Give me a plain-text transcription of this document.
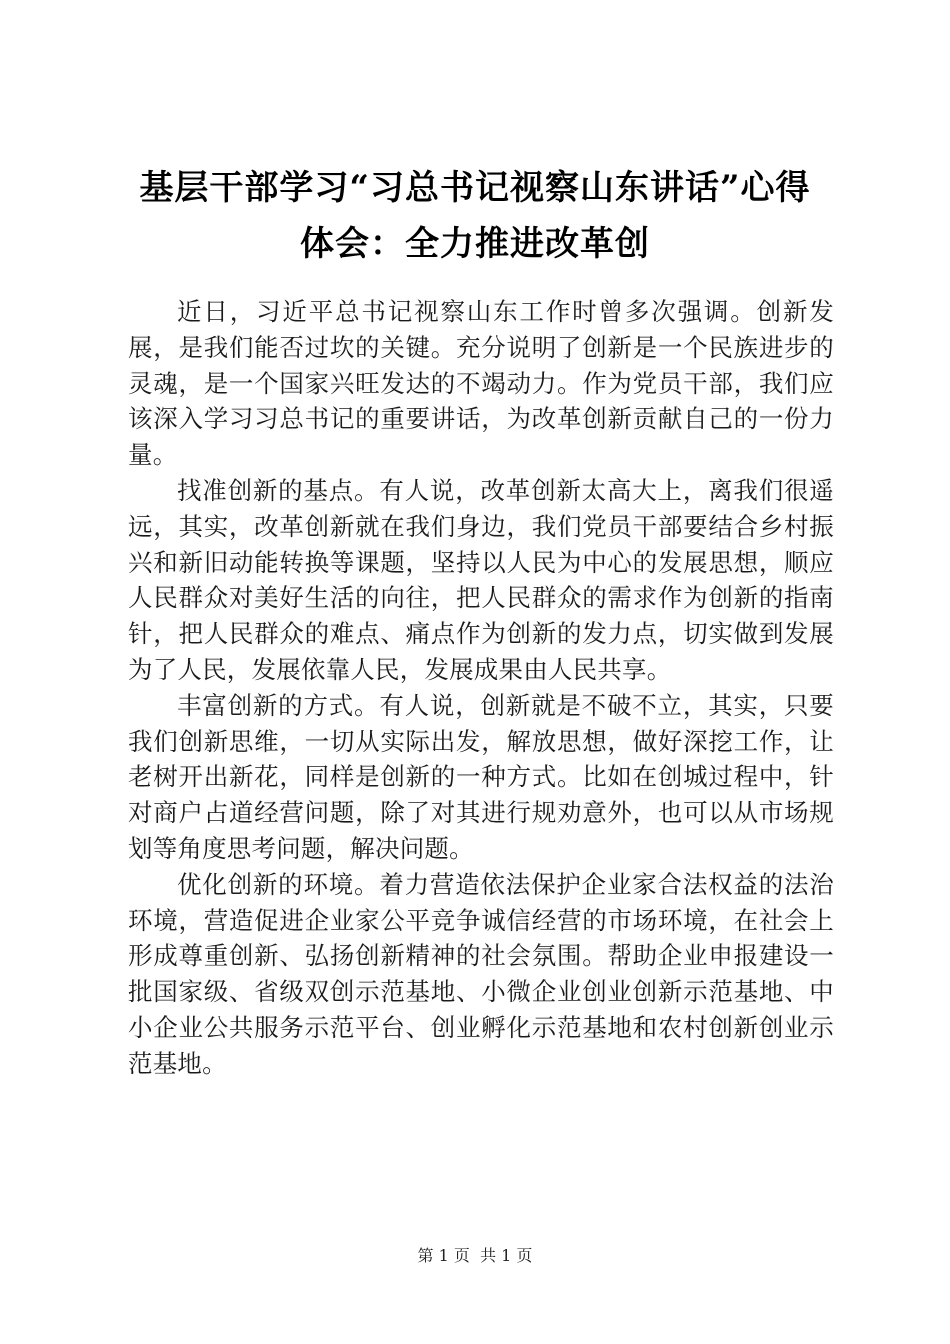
基层干部学习“习总书记视察山东讲话”心得
体会：全力推进改革创

近日，习近平总书记视察山东工作时曾多次强调。创新发展，是我们能否过坎的关键。充分说明了创新是一个民族进步的灵魂，是一个国家兴旺发达的不竭动力。作为党员干部，我们应该深入学习习总书记的重要讲话，为改革创新贡献自己的一份力量。

找准创新的基点。有人说，改革创新太高大上，离我们很遥远，其实，改革创新就在我们身边，我们党员干部要结合乡村振兴和新旧动能转换等课题，坚持以人民为中心的发展思想，顺应人民群众对美好生活的向往，把人民群众的需求作为创新的指南针，把人民群众的难点、痛点作为创新的发力点，切实做到发展为了人民，发展依靠人民，发展成果由人民共享。

丰富创新的方式。有人说，创新就是不破不立，其实，只要我们创新思维，一切从实际出发，解放思想，做好深挖工作，让老树开出新花，同样是创新的一种方式。比如在创城过程中，针对商户占道经营问题，除了对其进行规劝意外，也可以从市场规划等角度思考问题，解决问题。

优化创新的环境。着力营造依法保护企业家合法权益的法治环境，营造促进企业家公平竞争诚信经营的市场环境，在社会上形成尊重创新、弘扬创新精神的社会氛围。帮助企业申报建设一批国家级、省级双创示范基地、小微企业创业创新示范基地、中小企业公共服务示范平台、创业孵化示范基地和农村创新创业示范基地。

第 1 页  共 1 页
